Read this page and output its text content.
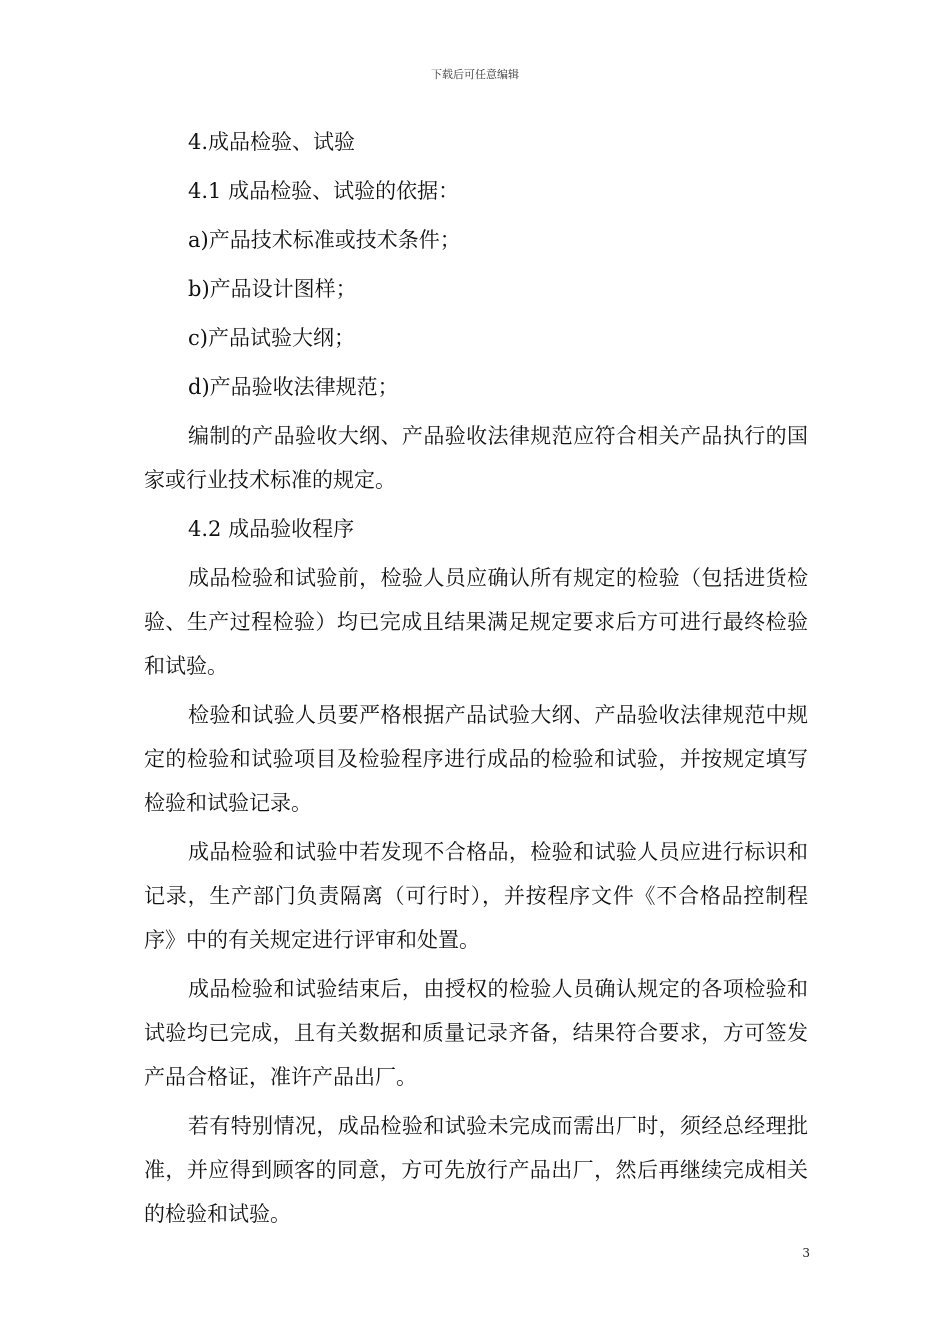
下载后可任意编辑

4.成品检验、试验

4.1 成品检验、试验的依据：

a)产品技术标准或技术条件；

b)产品设计图样；

c)产品试验大纲；

d)产品验收法律规范；

编制的产品验收大纲、产品验收法律规范应符合相关产品执行的国家或行业技术标准的规定。

4.2 成品验收程序

成品检验和试验前，检验人员应确认所有规定的检验（包括进货检验、生产过程检验）均已完成且结果满足规定要求后方可进行最终检验和试验。

检验和试验人员要严格根据产品试验大纲、产品验收法律规范中规定的检验和试验项目及检验程序进行成品的检验和试验，并按规定填写检验和试验记录。

成品检验和试验中若发现不合格品，检验和试验人员应进行标识和记录，生产部门负责隔离（可行时），并按程序文件《不合格品控制程序》中的有关规定进行评审和处置。

成品检验和试验结束后，由授权的检验人员确认规定的各项检验和试验均已完成，且有关数据和质量记录齐备，结果符合要求，方可签发产品合格证，准许产品出厂。

若有特别情况，成品检验和试验未完成而需出厂时，须经总经理批准，并应得到顾客的同意，方可先放行产品出厂，然后再继续完成相关的检验和试验。

3
